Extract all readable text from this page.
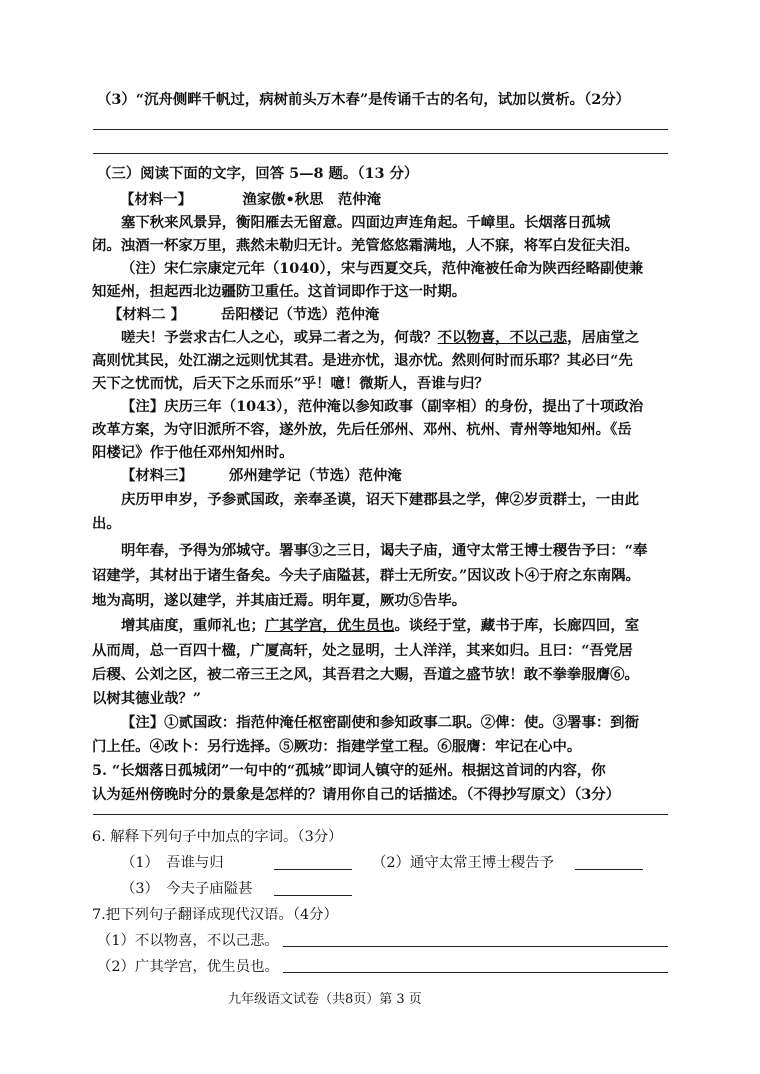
（3）“沉舟侧畔千帆过，病树前头万木春”是传诵千古的名句，试加以赏析。（2分）
（三）阅读下面的文字，回答 5—8 题。（13 分）
【材料一】　　　　渔家傲•秋思　范仲淹
塞下秋来风景异，衡阳雁去无留意。四面边声连角起。千嶂里。长烟落日孤城
闭。浊酒一杯家万里，燕然未勒归无计。羌管悠悠霜满地，人不寐，将军白发征夫泪。
（注）宋仁宗康定元年（1040），宋与西夏交兵，范仲淹被任命为陕西经略副使兼
知延州，担起西北边疆防卫重任。这首词即作于这一时期。
【材料二 】　　　岳阳楼记（节选）范仲淹
嗟夫！予尝求古仁人之心，或异二者之为，何哉？不以物喜，不以己悲，居庙堂之
高则忧其民，处江湖之远则忧其君。是进亦忧，退亦忧。然则何时而乐耶？其必曰“先
天下之忧而忧，后天下之乐而乐”乎！噫！微斯人，吾谁与归？
【注】庆历三年（1043），范仲淹以参知政事（副宰相）的身份，提出了十项政治
改革方案，为守旧派所不容，遂外放，先后任邠州、邓州、杭州、青州等地知州。《岳
阳楼记》作于他任邓州知州时。
【材料三】　　　邠州建学记（节选）范仲淹
庆历甲申岁，予参贰国政，亲奉圣谟，诏天下建郡县之学，俾②岁贡群士，一由此
出。
明年春，予得为邠城守。署事③之三日，谒夫子庙，通守太常王博士稷告予曰：“奉
诏建学，其材出于诸生备矣。今夫子庙隘甚，群士无所安。”因议改卜④于府之东南隅。
地为高明，遂以建学，并其庙迁焉。明年夏，厥功⑤告毕。
增其庙度，重师礼也；广其学宫，优生员也。谈经于堂，藏书于库，长廊四回，室
从而周，总一百四十楹，广厦高轩，处之显明，士人洋洋，其来如归。且曰：“吾党居
后稷、公刘之区，被二帝三王之风，其吾君之大赐，吾道之盛节欤！敢不拳拳服膺⑥。
以树其德业哉？”
【注】①贰国政：指范仲淹任枢密副使和参知政事二职。②俾：使。③署事：到衙
门上任。④改卜：另行选择。⑤厥功：指建学堂工程。⑥服膺：牢记在心中。
5. “长烟落日孤城闭”一句中的“孤城”即词人镇守的延州。根据这首词的内容，你
认为延州傍晚时分的景象是怎样的？请用你自己的话描述。（不得抄写原文）（3分）
6. 解释下列句子中加点的字词。（3分）
（1）　吾谁与归	（2）通守太常王博士稷告予
（3）　今夫子庙隘甚
7.把下列句子翻译成现代汉语。（4分）
（1）不以物喜，不以己悲。
（2）广其学宫，优生员也。
九年级语文试卷（共8页）第 3 页
